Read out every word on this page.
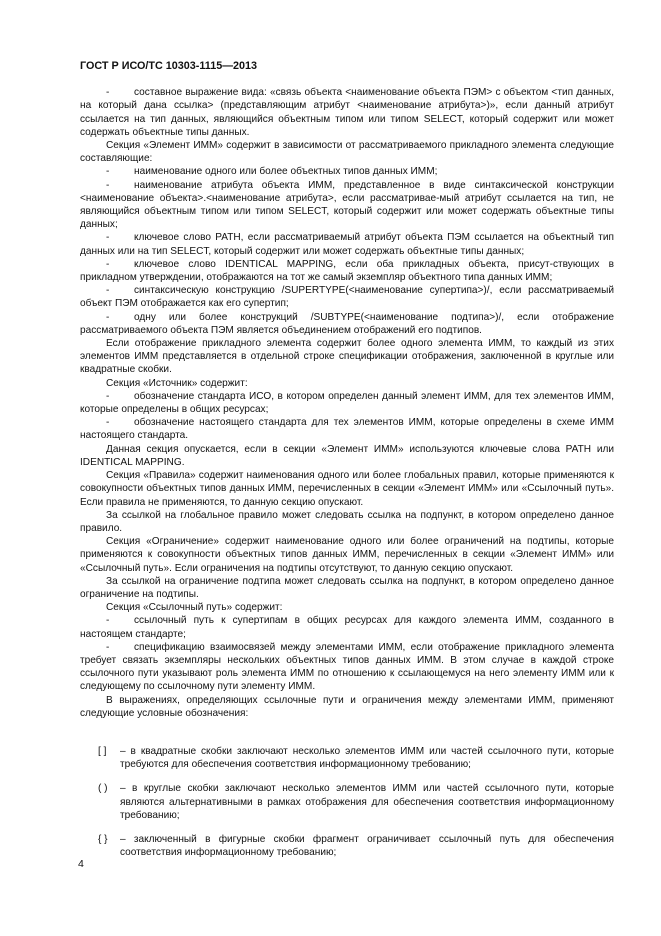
ГОСТ Р ИСО/ТС 10303-1115—2013

- составное выражение вида: «связь объекта <наименование объекта ПЭМ> с объектом <тип данных, на который дана ссылка> (представляющим атрибут <наименование атрибута>)», если данный атрибут ссылается на тип данных, являющийся объектным типом или типом SELECT, который содержит или может содержать объектные типы данных.

Секция «Элемент ИММ» содержит в зависимости от рассматриваемого прикладного элемента следующие составляющие:

- наименование одного или более объектных типов данных ИММ;

- наименование атрибута объекта ИММ, представленное в виде синтаксической конструкции <наименование объекта>.<наименование атрибута>, если рассматривае-мый атрибут ссылается на тип, не являющийся объектным типом или типом SELECT, который содержит или может содержать объектные типы данных;

- ключевое слово PATH, если рассматриваемый атрибут объекта ПЭМ ссылается на объектный тип данных или на тип SELECT, который содержит или может содержать объектные типы данных;

- ключевое слово IDENTICAL MAPPING, если оба прикладных объекта, присут-ствующих в прикладном утверждении, отображаются на тот же самый экземпляр объектного типа данных ИММ;

- синтаксическую конструкцию /SUPERTYPE(<наименование супертипа>)/, если рассматриваемый объект ПЭМ отображается как его супертип;

- одну или более конструкций /SUBTYPE(<наименование подтипа>)/, если отображение рассматриваемого объекта ПЭМ является объединением отображений его подтипов.

Если отображение прикладного элемента содержит более одного элемента ИММ, то каждый из этих элементов ИММ представляется в отдельной строке спецификации отображения, заключенной в круглые или квадратные скобки.

Секция «Источник» содержит:

- обозначение стандарта ИСО, в котором определен данный элемент ИММ, для тех элементов ИММ, которые определены в общих ресурсах;

- обозначение настоящего стандарта для тех элементов ИММ, которые определены в схеме ИММ настоящего стандарта.

Данная секция опускается, если в секции «Элемент ИММ» используются ключевые слова PATH или IDENTICAL MAPPING.

Секция «Правила» содержит наименования одного или более глобальных правил, которые применяются к совокупности объектных типов данных ИММ, перечисленных в секции «Элемент ИММ» или «Ссылочный путь». Если правила не применяются, то данную секцию опускают.

За ссылкой на глобальное правило может следовать ссылка на подпункт, в котором определено данное правило.

Секция «Ограничение» содержит наименование одного или более ограничений на подтипы, которые применяются к совокупности объектных типов данных ИММ, перечисленных в секции «Элемент ИММ» или «Ссылочный путь». Если ограничения на подтипы отсутствуют, то данную секцию опускают.

За ссылкой на ограничение подтипа может следовать ссылка на подпункт, в котором определено данное ограничение на подтипы.

Секция «Ссылочный путь» содержит:

- ссылочный путь к супертипам в общих ресурсах для каждого элемента ИММ, созданного в настоящем стандарте;

- спецификацию взаимосвязей между элементами ИММ, если отображение прикладного элемента требует связать экземпляры нескольких объектных типов данных ИММ. В этом случае в каждой строке ссылочного пути указывают роль элемента ИММ по отношению к ссылающемуся на него элементу ИММ или к следующему по ссылочному пути элементу ИММ.

В выражениях, определяющих ссылочные пути и ограничения между элементами ИММ, применяют следующие условные обозначения:

[ ]	– в квадратные скобки заключают несколько элементов ИММ или частей ссылочного пути, которые требуются для обеспечения соответствия информационному требованию;
( )	– в круглые скобки заключают несколько элементов ИММ или частей ссылочного пути, которые являются альтернативными в рамках отображения для обеспечения соответствия информационному требованию;
{ }	– заключенный в фигурные скобки фрагмент ограничивает ссылочный путь для обеспечения соответствия информационному требованию;
4
